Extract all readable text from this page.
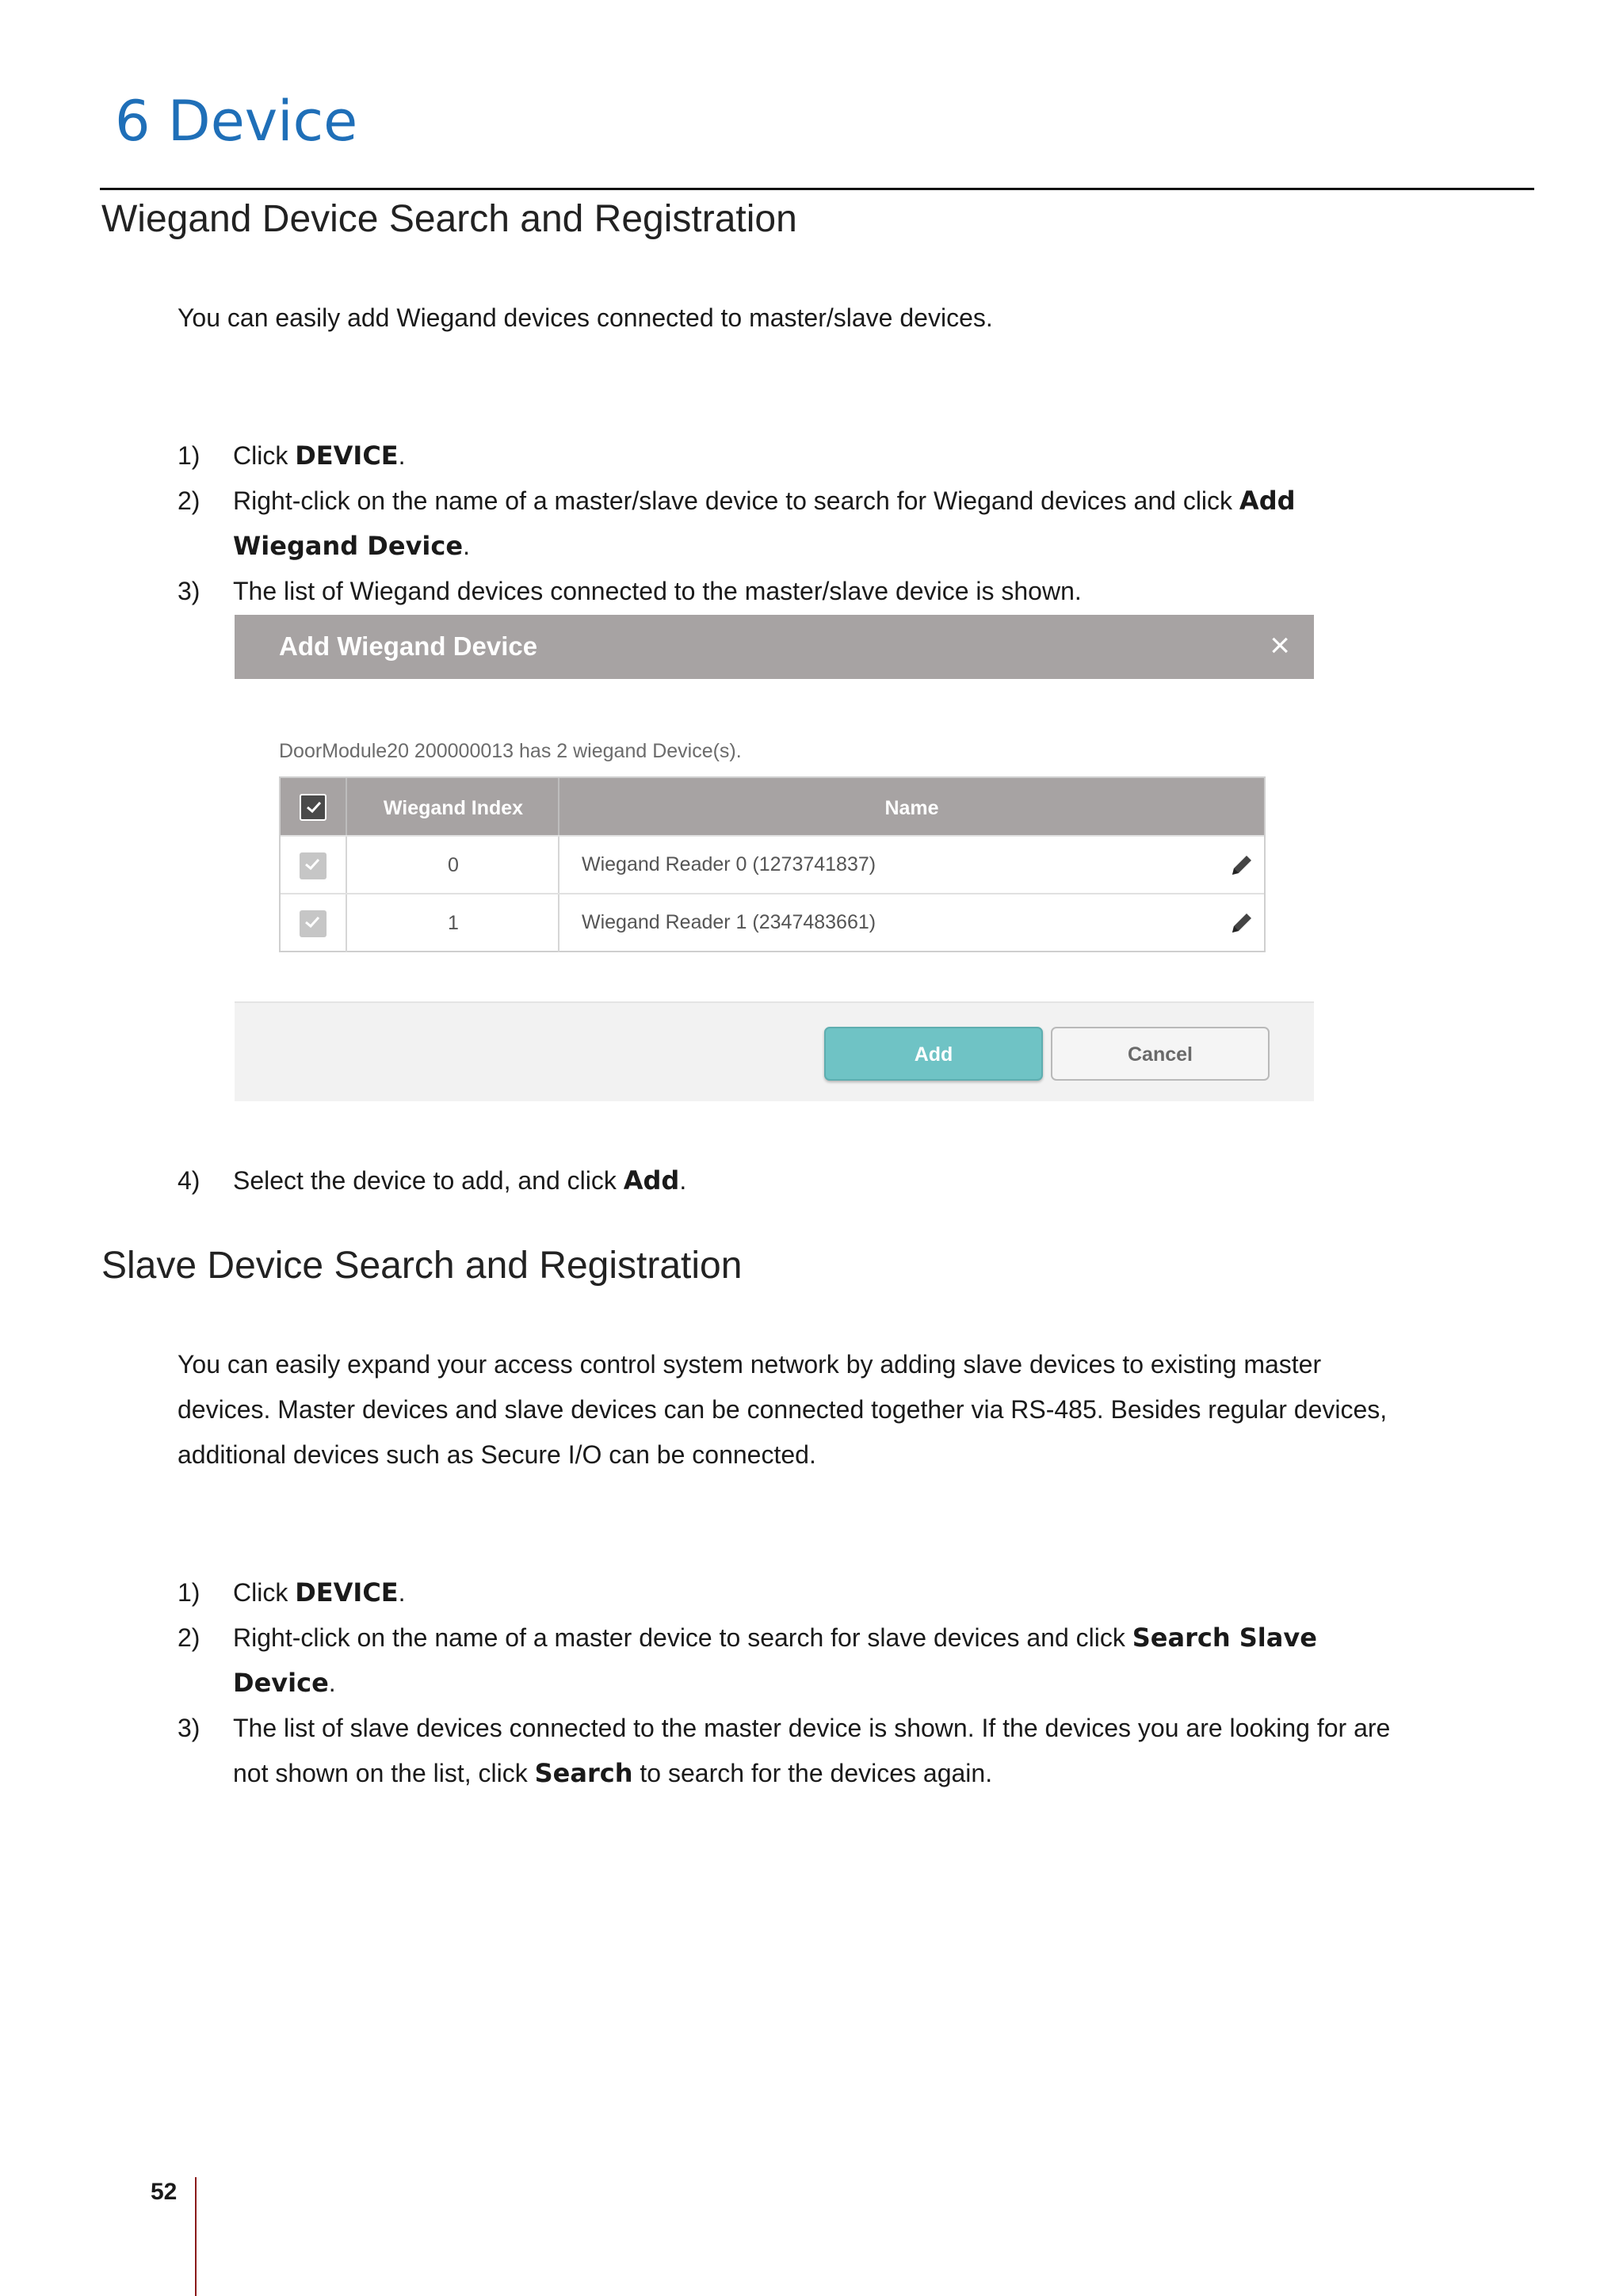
6 Device
Wiegand Device Search and Registration
You can easily add Wiegand devices connected to master/slave devices.
1) Click DEVICE.
2) Right-click on the name of a master/slave device to search for Wiegand devices and click Add Wiegand Device.
3) The list of Wiegand devices connected to the master/slave device is shown.
Add Wiegand Device	×
DoorModule20 200000013 has 2 wiegand Device(s).
Wiegand Index	Name
0	Wiegand Reader 0 (1273741837)
1	Wiegand Reader 1 (2347483661)
Add	Cancel
4) Select the device to add, and click Add.
Slave Device Search and Registration
You can easily expand your access control system network by adding slave devices to existing master devices. Master devices and slave devices can be connected together via RS-485. Besides regular devices, additional devices such as Secure I/O can be connected.
1) Click DEVICE.
2) Right-click on the name of a master device to search for slave devices and click Search Slave Device.
3) The list of slave devices connected to the master device is shown. If the devices you are looking for are not shown on the list, click Search to search for the devices again.
52
